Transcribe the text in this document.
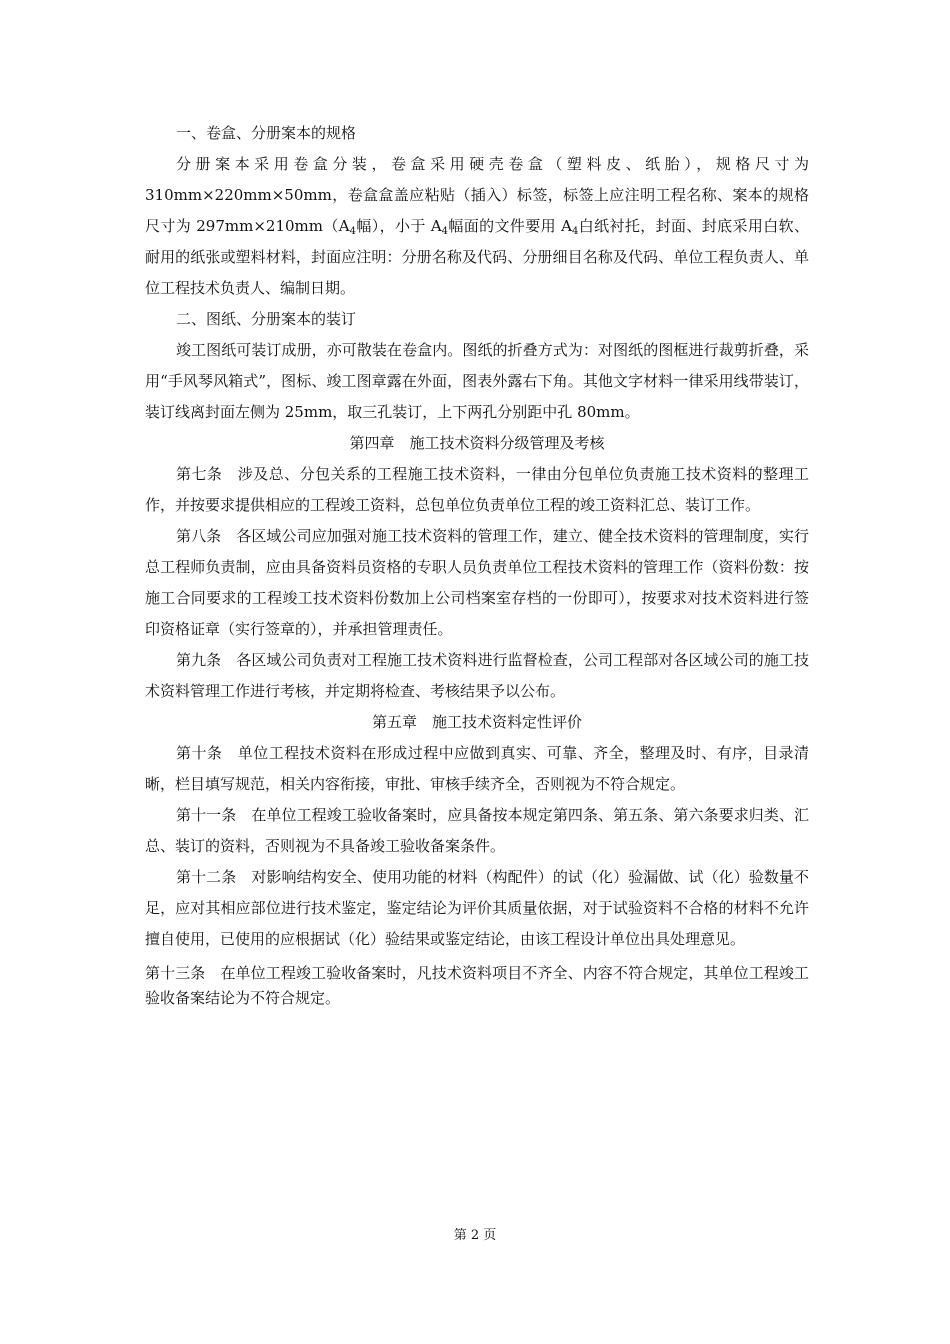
一、卷盒、分册案本的规格

分册案本采用卷盒分装，卷盒采用硬壳卷盒（塑料皮、纸胎），规格尺寸为 310mm×220mm×50mm，卷盒盒盖应粘贴（插入）标签，标签上应注明工程名称、案本的规格尺寸为 $297mm\times 210mm(A_4$幅），小于 $A_4$幅面的文件要用 $A_4$白纸衬托，封面、封底采用白软、耐用的纸张或塑料材料，封面应注明：分册名称及代码、分册细目名称及代码、单位工程负责人、单位工程技术负责人、编制日期。

二、图纸、分册案本的装订

竣工图纸可装订成册，亦可散装在卷盒内。图纸的折叠方式为：对图纸的图框进行裁剪折叠，采用“手风琴风箱式”，图标、竣工图章露在外面，图表外露右下角。其他文字材料一律采用线带装订，装订线离封面左侧为 25mm，取三孔装订，上下两孔分别距中孔 80mm。

第四章　施工技术资料分级管理及考核

第七条　涉及总、分包关系的工程施工技术资料，一律由分包单位负责施工技术资料的整理工作，并按要求提供相应的工程竣工资料，总包单位负责单位工程的竣工资料汇总、装订工作。

第八条　各区域公司应加强对施工技术资料的管理工作，建立、健全技术资料的管理制度，实行总工程师负责制，应由具备资料员资格的专职人员负责单位工程技术资料的管理工作（资料份数：按施工合同要求的工程竣工技术资料份数加上公司档案室存档的一份即可），按要求对技术资料进行签印资格证章（实行签章的），并承担管理责任。

第九条　各区域公司负责对工程施工技术资料进行监督检查，公司工程部对各区域公司的施工技术资料管理工作进行考核，并定期将检查、考核结果予以公布。

第五章　施工技术资料定性评价

第十条　单位工程技术资料在形成过程中应做到真实、可靠、齐全，整理及时、有序，目录清晰，栏目填写规范，相关内容衔接，审批、审核手续齐全，否则视为不符合规定。

第十一条　在单位工程竣工验收备案时，应具备按本规定第四条、第五条、第六条要求归类、汇总、装订的资料，否则视为不具备竣工验收备案条件。

第十二条　对影响结构安全、使用功能的材料（构配件）的试（化）验漏做、试（化）验数量不足，应对其相应部位进行技术鉴定，鉴定结论为评价其质量依据，对于试验资料不合格的材料不允许擅自使用，已使用的应根据试（化）验结果或鉴定结论，由该工程设计单位出具处理意见。

第十三条　在单位工程竣工验收备案时，凡技术资料项目不齐全、内容不符合规定，其单位工程竣工验收备案结论为不符合规定。

第 2 页
